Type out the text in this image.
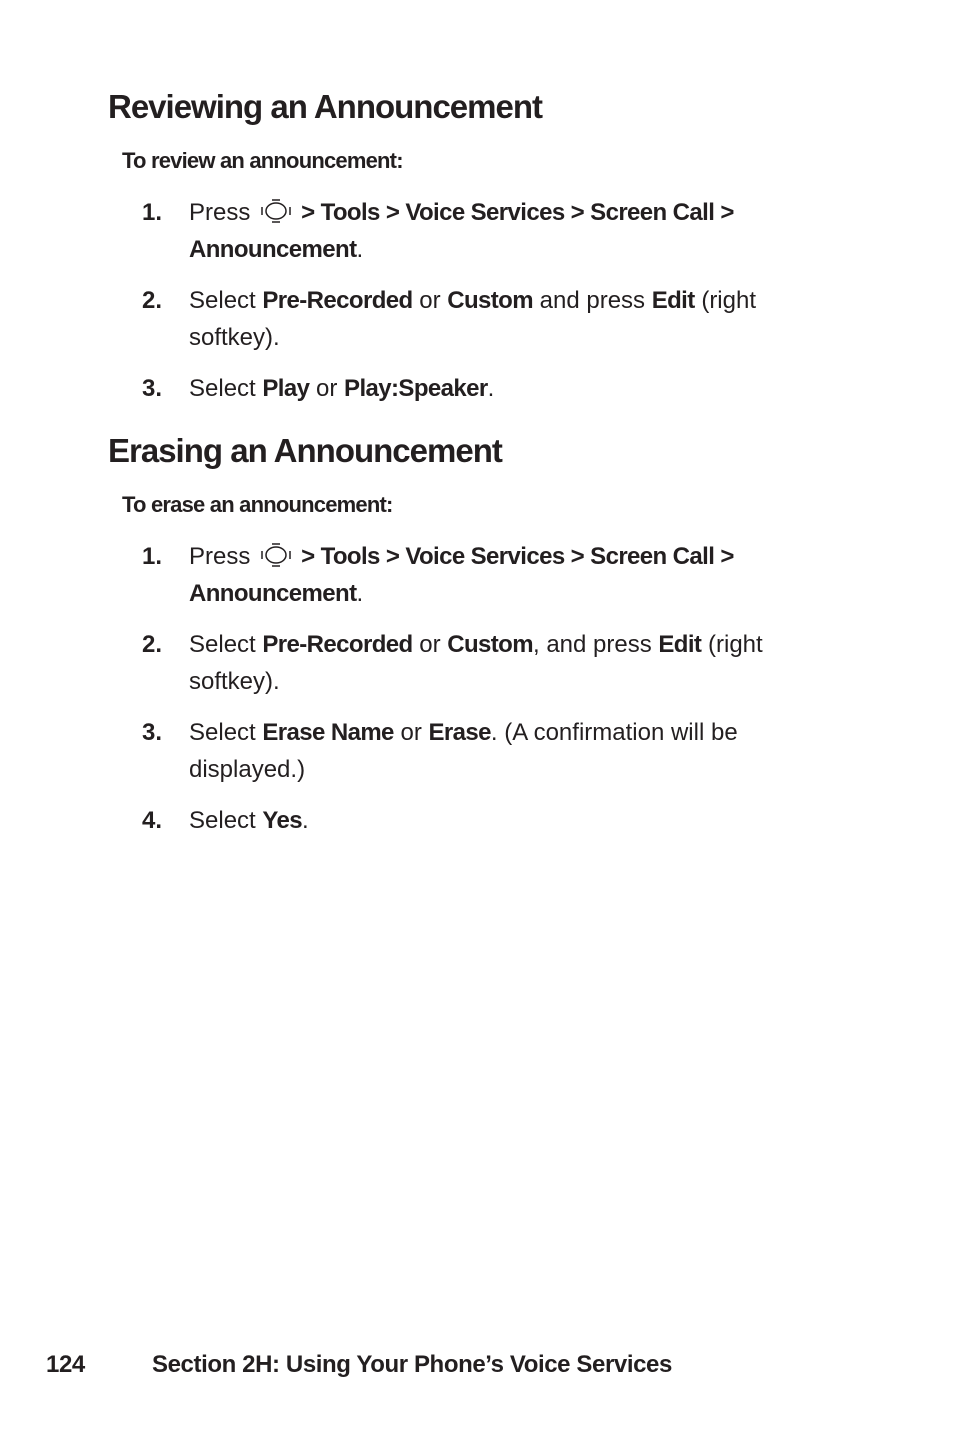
Reviewing an Announcement
To review an announcement:
1. Press
> Tools > Voice Services > Screen Call > Announcement.
2. Select Pre-Recorded or Custom and press Edit (right softkey).
3. Select Play or Play:Speaker.
Erasing an Announcement
To erase an announcement:
1. Press
> Tools > Voice Services > Screen Call > Announcement.
2. Select Pre-Recorded or Custom, and press Edit (right softkey).
3. Select Erase Name or Erase. (A confirmation will be displayed.)
4. Select Yes.
124	Section 2H: Using Your Phone’s Voice Services
